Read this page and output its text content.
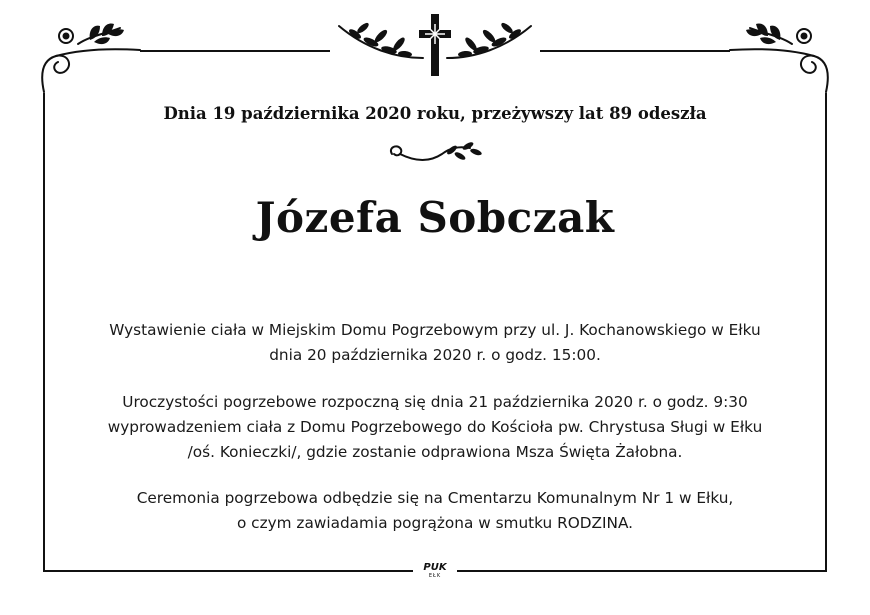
Dnia 19 października 2020 roku, przeżywszy lat 89 odeszła
Józefa Sobczak
Wystawienie ciała w Miejskim Domu Pogrzebowym przy ul. J. Kochanowskiego w Ełku
dnia 20 października 2020 r. o godz. 15:00.
Uroczystości pogrzebowe rozpoczną się dnia 21 października 2020 r. o godz. 9:30
wyprowadzeniem ciała z Domu Pogrzebowego do Kościoła pw. Chrystusa Sługi w Ełku
/oś. Konieczki/, gdzie zostanie odprawiona Msza Święta Żałobna.
Ceremonia pogrzebowa odbędzie się na Cmentarzu Komunalnym Nr 1 w Ełku,
o czym zawiadamia pogrążona w smutku RODZINA.
PUK
EŁK
